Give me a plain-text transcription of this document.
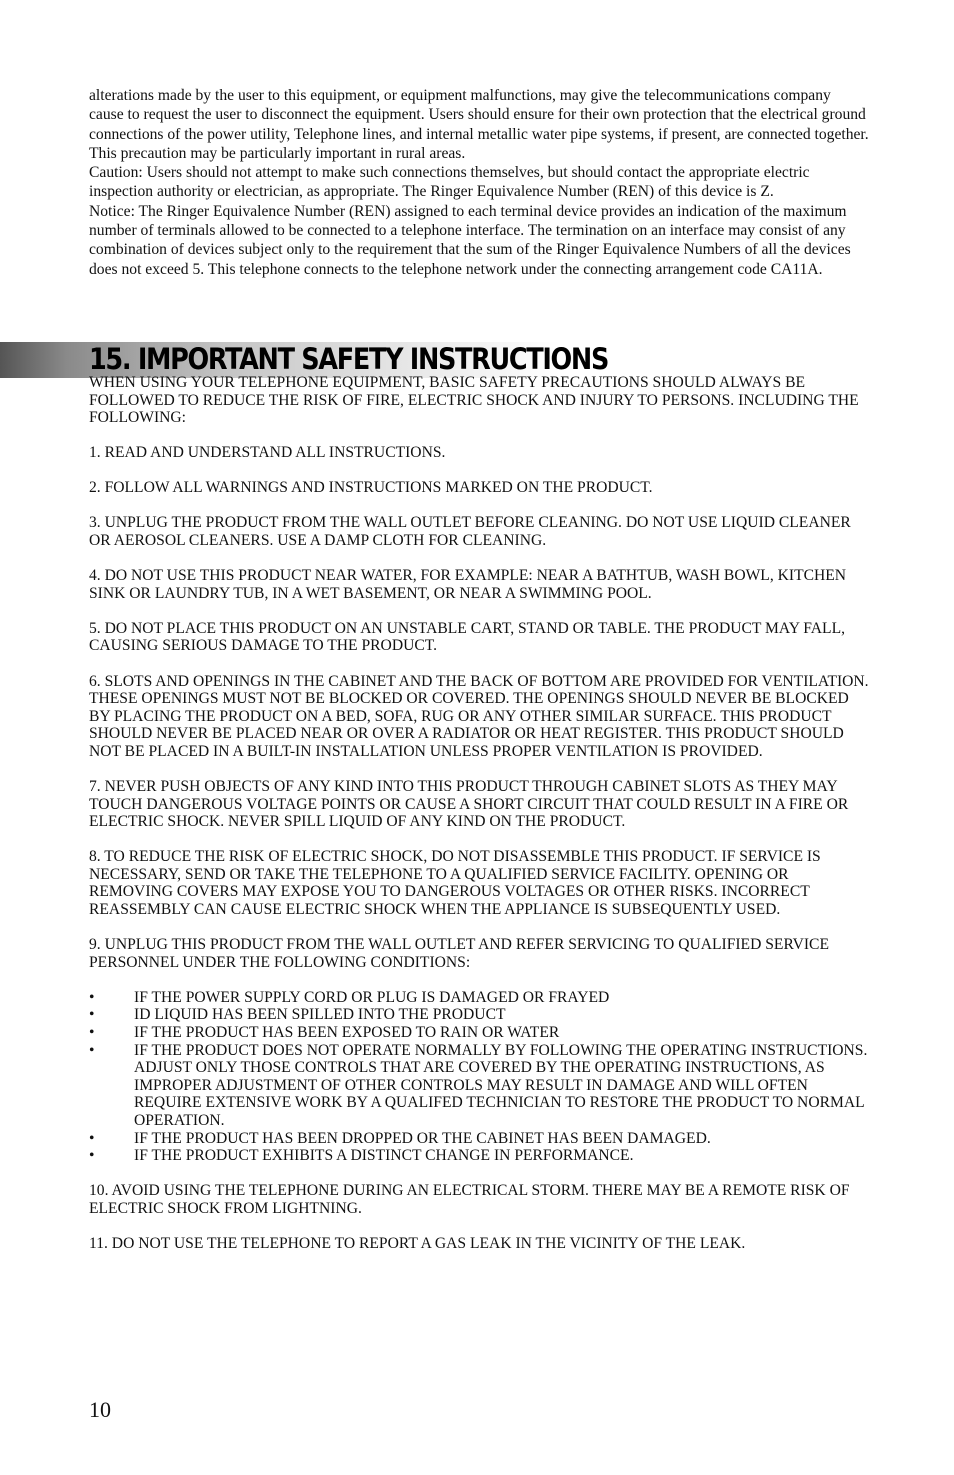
alterations made by the user to this equipment, or equipment malfunctions, may give the telecommunications company cause to request the user to disconnect the equipment. Users should ensure for their own protection that the electrical ground connections of the power utility, Telephone lines, and internal metallic water pipe systems, if present, are connected together. This precaution may be particularly important in rural areas.

Caution: Users should not attempt to make such connections themselves, but should contact the appropriate electric inspection authority or electrician, as appropriate. The Ringer Equivalence Number (REN) of this device is Z.

Notice: The Ringer Equivalence Number (REN) assigned to each terminal device provides an indication of the maximum number of terminals allowed to be connected to a telephone interface. The termination on an interface may consist of any combination of devices subject only to the requirement that the sum of the Ringer Equivalence Numbers of all the devices does not exceed 5. This telephone connects to the telephone network under the connecting arrangement code CA11A.

15. IMPORTANT SAFETY INSTRUCTIONS

WHEN USING YOUR TELEPHONE EQUIPMENT, BASIC SAFETY PRECAUTIONS SHOULD ALWAYS BE FOLLOWED TO REDUCE THE RISK OF FIRE, ELECTRIC SHOCK AND INJURY TO PERSONS. INCLUDING THE FOLLOWING:

1. READ AND UNDERSTAND ALL INSTRUCTIONS.

2. FOLLOW ALL WARNINGS AND INSTRUCTIONS MARKED ON THE PRODUCT.

3. UNPLUG THE PRODUCT FROM THE WALL OUTLET BEFORE CLEANING. DO NOT USE LIQUID CLEANER OR AEROSOL CLEANERS. USE A DAMP CLOTH FOR CLEANING.

4. DO NOT USE THIS PRODUCT NEAR WATER, FOR EXAMPLE: NEAR A BATHTUB, WASH BOWL, KITCHEN SINK OR LAUNDRY TUB, IN A WET BASEMENT, OR NEAR A SWIMMING POOL.

5. DO NOT PLACE THIS PRODUCT ON AN UNSTABLE CART, STAND OR TABLE. THE PRODUCT MAY FALL, CAUSING SERIOUS DAMAGE TO THE PRODUCT.

6. SLOTS AND OPENINGS IN THE CABINET AND THE BACK OF BOTTOM ARE PROVIDED FOR VENTILATION. THESE OPENINGS MUST NOT BE BLOCKED OR COVERED. THE OPENINGS SHOULD NEVER BE BLOCKED BY PLACING THE PRODUCT ON A BED, SOFA, RUG OR ANY OTHER SIMILAR SURFACE. THIS PRODUCT SHOULD NEVER BE PLACED NEAR OR OVER A RADIATOR OR HEAT REGISTER. THIS PRODUCT SHOULD NOT BE PLACED IN A BUILT-IN INSTALLATION UNLESS PROPER VENTILATION IS PROVIDED.

7. NEVER PUSH OBJECTS OF ANY KIND INTO THIS PRODUCT THROUGH CABINET SLOTS AS THEY MAY TOUCH DANGEROUS VOLTAGE POINTS OR CAUSE A SHORT CIRCUIT THAT COULD RESULT IN A FIRE OR ELECTRIC SHOCK. NEVER SPILL LIQUID OF ANY KIND ON THE PRODUCT.

8. TO REDUCE THE RISK OF ELECTRIC SHOCK, DO NOT DISASSEMBLE THIS PRODUCT. IF SERVICE IS NECESSARY, SEND OR TAKE THE TELEPHONE TO A QUALIFIED SERVICE FACILITY. OPENING OR REMOVING COVERS MAY EXPOSE YOU TO DANGEROUS VOLTAGES OR OTHER RISKS. INCORRECT REASSEMBLY CAN CAUSE ELECTRIC SHOCK WHEN THE APPLIANCE IS SUBSEQUENTLY USED.

9. UNPLUG THIS PRODUCT FROM THE WALL OUTLET AND REFER SERVICING TO QUALIFIED SERVICE PERSONNEL UNDER THE FOLLOWING CONDITIONS:

•	IF THE POWER SUPPLY CORD OR PLUG IS DAMAGED OR FRAYED
•	ID LIQUID HAS BEEN SPILLED INTO THE PRODUCT
•	IF THE PRODUCT HAS BEEN EXPOSED TO RAIN OR WATER
•	IF THE PRODUCT DOES NOT OPERATE NORMALLY BY FOLLOWING THE OPERATING INSTRUCTIONS. ADJUST ONLY THOSE CONTROLS THAT ARE COVERED BY THE OPERATING INSTRUCTIONS, AS IMPROPER ADJUSTMENT OF OTHER CONTROLS MAY RESULT IN DAMAGE AND WILL OFTEN REQUIRE EXTENSIVE WORK BY A QUALIFED TECHNICIAN TO RESTORE THE PRODUCT TO NORMAL OPERATION.
•	IF THE PRODUCT HAS BEEN DROPPED OR THE CABINET HAS BEEN DAMAGED.
•	IF THE PRODUCT EXHIBITS A DISTINCT CHANGE IN PERFORMANCE.

10. AVOID USING THE TELEPHONE DURING AN ELECTRICAL STORM. THERE MAY BE A REMOTE RISK OF ELECTRIC SHOCK FROM LIGHTNING.

11. DO NOT USE THE TELEPHONE TO REPORT A GAS LEAK IN THE VICINITY OF THE LEAK.

10
